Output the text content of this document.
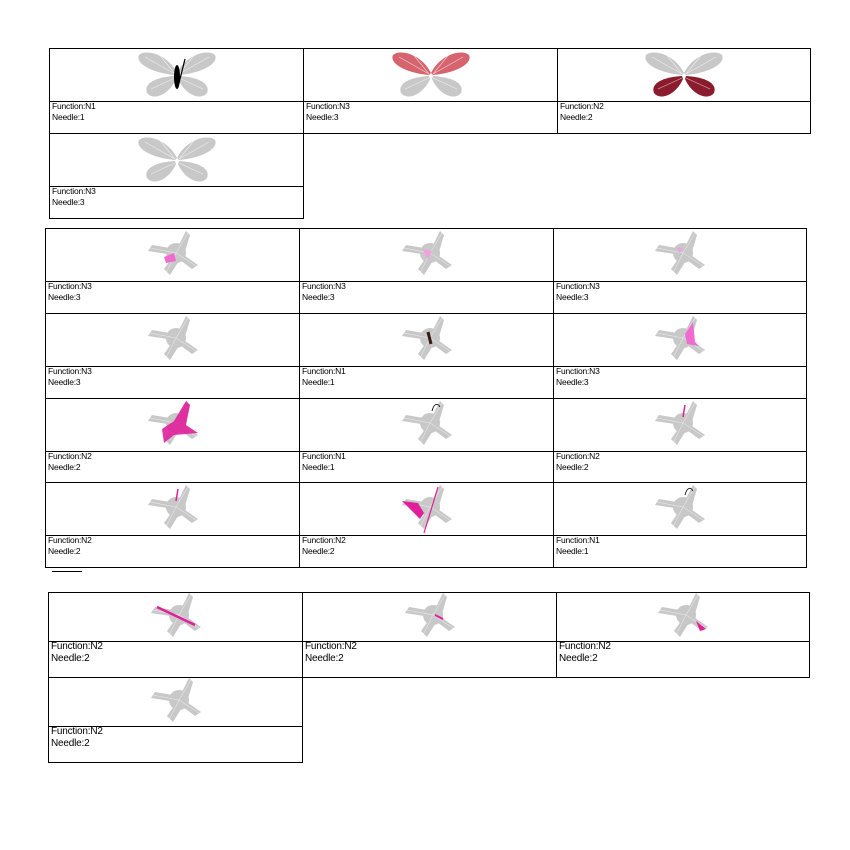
Function:N1
Needle:1
Function:N3
Needle:3
Function:N2
Needle:2
Function:N3
Needle:3
Function:N3
Needle:3
Function:N3
Needle:3
Function:N3
Needle:3
Function:N3
Needle:3
Function:N1
Needle:1
Function:N3
Needle:3
Function:N2
Needle:2
Function:N1
Needle:1
Function:N2
Needle:2
Function:N2
Needle:2
Function:N2
Needle:2
Function:N1
Needle:1
Function:N2
Needle:2
Function:N2
Needle:2
Function:N2
Needle:2
Function:N2
Needle:2
